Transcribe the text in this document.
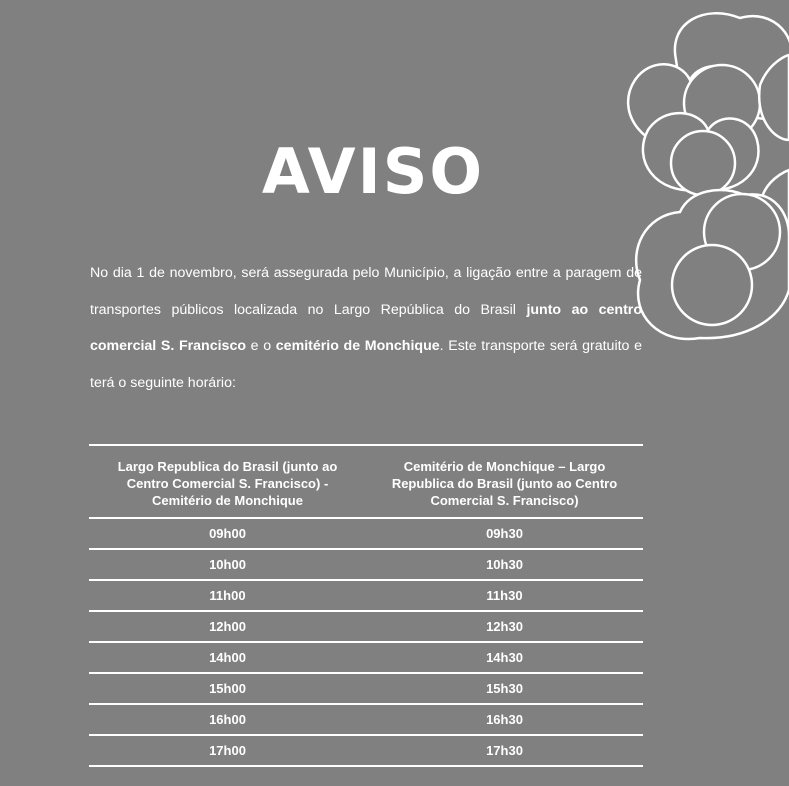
AVISO

No dia 1 de novembro, será assegurada pelo Município, a ligação entre a paragem de transportes públicos localizada no Largo República do Brasil junto ao centro comercial S. Francisco e o cemitério de Monchique. Este transporte será gratuito e terá o seguinte horário:

Largo Republica do Brasil (junto ao Centro Comercial S. Francisco) - Cemitério de Monchique	Cemitério de Monchique – Largo Republica do Brasil (junto ao Centro Comercial S. Francisco)
09h00	09h30
10h00	10h30
11h00	11h30
12h00	12h30
14h00	14h30
15h00	15h30
16h00	16h30
17h00	17h30
